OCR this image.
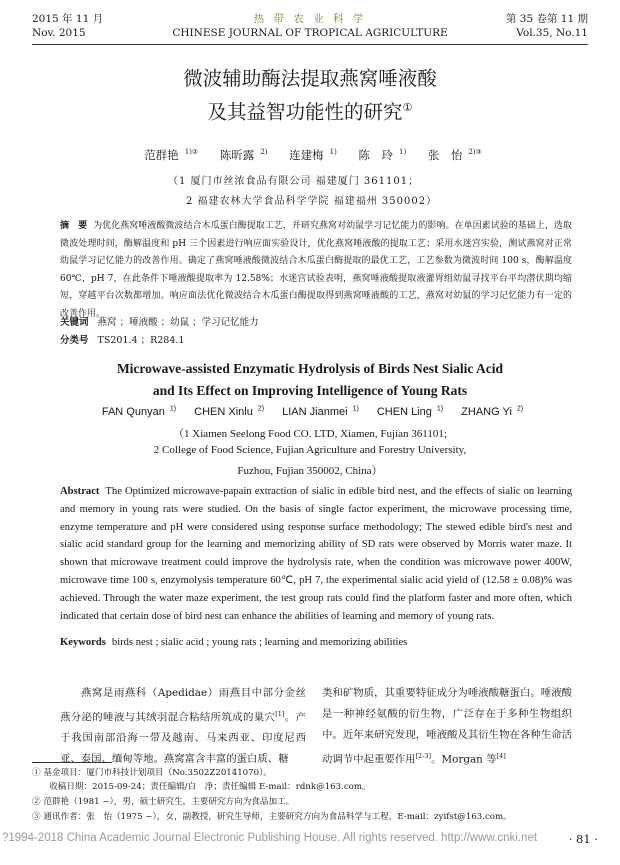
2015 年 11 月
Nov. 2015
热 带 农 业 科 学
CHINESE JOURNAL OF TROPICAL AGRICULTURE
第 35 卷第 11 期
Vol.35, No.11
微波辅助酶法提取燕窝唾液酸
及其益智功能性的研究①
范群艳 $^{1)②}$ 陈昕露 $^{2)}$ 连建梅 $^{1)}$ 陈　玲 $^{1)}$ 张　怡 $^{2)③}$
（1 厦门市丝浓食品有限公司 福建厦门 361101；
2 福建农林大学食品科学学院 福建福州 350002）
摘　要 为优化燕窝唾液酸微波结合木瓜蛋白酶提取工艺，并研究燕窝对幼鼠学习记忆能力的影响。在单因素试验的基础上，选取微波处理时间，酶解温度和 pH 三个因素进行响应面实验设计，优化燕窝唾液酸的提取工艺；采用水迷宫实验，测试燕窝对正常幼鼠学习记忆能力的改善作用。确定了燕窝唾液酸微波结合木瓜蛋白酶提取的最优工艺，工艺参数为微波时间 100 s，酶解温度 60℃，pH 7，在此条件下唾液酸提取率为 12.58%；水迷宫试验表明，燕窝唾液酸提取液灌胃组幼鼠寻找平台平均潜伏期均缩短，穿越平台次数都增加。响应面法优化微波结合木瓜蛋白酶提取得到燕窝唾液酸的工艺，燕窝对幼鼠的学习记忆能力有一定的改善作用。
关键词 燕窝 ；唾液酸 ；幼鼠 ；学习记忆能力
分类号 TS201.4 ；R284.1
Microwave-assisted Enzymatic Hydrolysis of Birds Nest Sialic Acid
and Its Effect on Improving Intelligence of Young Rats
FAN Qunyan $^{1)}$ CHEN Xinlu $^{2)}$ LIAN Jianmei $^{1)}$ CHEN Ling $^{1)}$ ZHANG Yi $^{2)}$
（1 Xiamen Seelong Food CO. LTD, Xiamen, Fujian 361101;
2 College of Food Science, Fujian Agriculture and Forestry University,
Fuzhou, Fujian 350002, China）
Abstract The Optimized microwave-papain extraction of sialic in edible bird nest, and the effects of sialic on learning and memory in young rats were studied. On the basis of single factor experiment, the microwave processing time, enzyme temperature and pH were considered using response surface methodology; The stewed edible bird's nest and sialic acid standard group for the learning and memorizing ability of SD rats were observed by Morris water maze. It shown that microwave treatment could improve the hydrolysis rate, when the condition was microwave power 400W, microwave time 100 s, enzymolysis temperature 60℃, pH 7, the experimental sialic acid yield of (12.58 ± 0.08)% was achieved. Through the water maze experiment, the test group rats could find the platform faster and more often, which indicated that certain dose of bird nest can enhance the abilities of learning and memory of young rats.
Keywords birds nest ; sialic acid ; young rats ; learning and memorizing abilities
燕窝是雨燕科（Apedidae）雨燕目中部分金丝燕分泌的唾液与其绒羽混合粘结所筑成的巢穴[1]。产于我国南部沿海一带及越南、马来西亚、印度尼西亚、泰国、缅甸等地。燕窝富含丰富的蛋白质、糖
类和矿物质，其重要特征成分为唾液酸糖蛋白。唾液酸是一种神经氨酸的衍生物，广泛存在于多种生物组织中。近年来研究发现，唾液酸及其衍生物在各种生命活动调节中起重要作用[2-3]。Morgan 等[4]
① 基金项目：厦门市科技计划项目（No.3502Z20141070）。
　　收稿日期：2015-09-24；责任编辑/白　净；责任编辑 E-mail：rdnk@163.com。
② 范群艳（1981 ~），男，硕士研究生，主要研究方向为食品加工。
③ 通讯作者：张　怡（1975 ~），女，副教授，研究生导师，主要研究方向为食品科学与工程，E-mail：zyifst@163.com。
?1994-2018 China Academic Journal Electronic Publishing House. All rights reserved. http://www.cnki.net	· 81 ·
